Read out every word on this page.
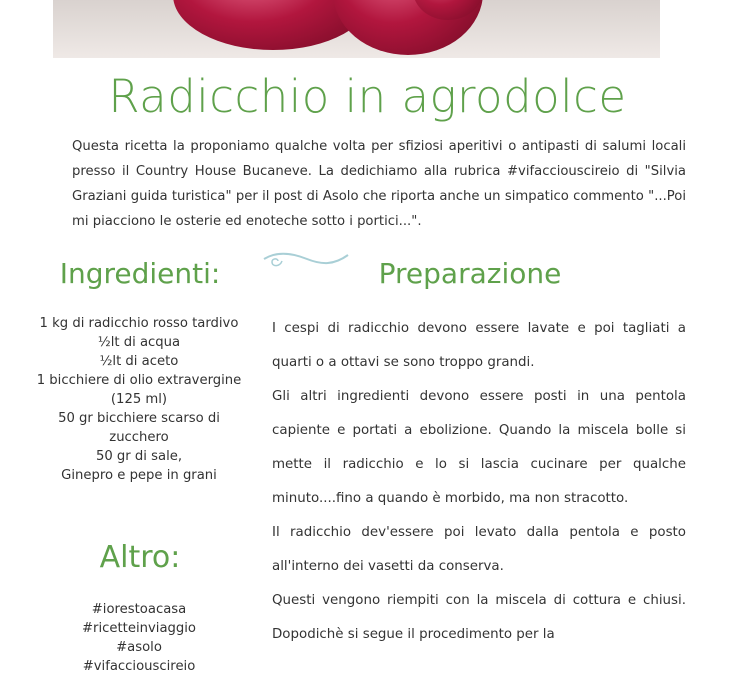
Radicchio in agrodolce
Questa ricetta la proponiamo qualche volta per sfiziosi aperitivi o antipasti di salumi locali presso il Country House Bucaneve. La dedichiamo alla rubrica #vifacciouscireio di "Silvia Graziani guida turistica" per il post di Asolo che riporta anche un simpatico commento "...Poi mi piacciono le osterie ed enoteche sotto i portici...".
Ingredienti:	Preparazione
1 kg di radicchio rosso tardivo
½lt di acqua
½lt di aceto
1 bicchiere di olio extravergine (125 ml)
50 gr bicchiere scarso di zucchero
50 gr di sale,
Ginepro e pepe in grani
Altro:
#iorestoacasa
#ricetteinviaggio
#asolo
#vifacciouscireio

I cespi di radicchio devono essere lavate e poi tagliati a quarti o a ottavi se sono troppo grandi.

Gli altri ingredienti devono essere posti in una pentola capiente e portati a ebolizione. Quando la miscela bolle si mette il radicchio e lo si lascia cucinare per qualche minuto....fino a quando è morbido, ma non stracotto.

Il radicchio dev'essere poi levato dalla pentola e posto all'interno dei vasetti da conserva.

Questi vengono riempiti con la miscela di cottura e chiusi. Dopodichè si segue il procedimento per la
